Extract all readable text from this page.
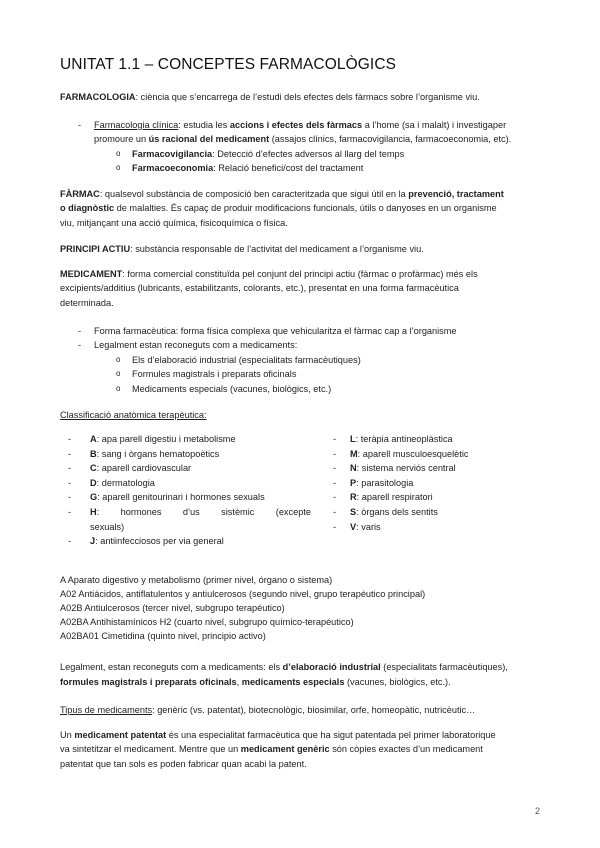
UNITAT 1.1 – CONCEPTES FARMACOLÒGICS

FARMACOLOGIA: ciència que s’encarrega de l’estudi dels efectes dels fàrmacs sobre l’organisme viu.

- Farmacologia clínica: estudia les accions i efectes dels fàrmacs a l’home (sa i malalt) i investigaper

promoure un ús racional del medicament (assajos clínics, farmacovigilancia, farmacoeconomia, etc).

o Farmacovigilancia: Detecció d’efectes adversos al llarg del temps

o Farmacoeconomia: Relació benefici/cost del tractament

FÀRMAC: qualsevol substància de composició ben caracteritzada que sigui útil en la prevenció, tractament

o diagnòstic de malalties. És capaç de produir modificacions funcionals, útils o danyoses en un organisme

viu, mitjançant una acció química, fisicoquímica o física.

PRINCIPI ACTIU: substància responsable de l’activitat del medicament a l’organisme viu.

MEDICAMENT: forma comercial constituïda pel conjunt del principi actiu (fàrmac o profàrmac) més els

excipients/additius (lubricants, estabilitzants, colorants, etc.), presentat en una forma farmacèutica

determinada.

- Forma farmacèutica: forma física complexa que vehicularitza el fàrmac cap a l’organisme

- Legalment estan reconeguts com a medicaments:

o Els d’elaboració industrial (especialitats farmacèutiques)

o Formules magistrals i preparats oficinals

o Medicaments especials (vacunes, biològics, etc.)

Classificació anatòmica terapèutica:

- A: apa parell digestiu i metabolisme

- B: sang i òrgans hematopoètics

- C: aparell cardiovascular

- D: dermatologia

- G: aparell genitourinari i hormones sexuals

- H: hormones d’us sistèmic (excepte

sexuals)

- J: antiinfecciosos per via general

- L: teràpia antineoplàstica

- M: aparell musculoesquelètic

- N: sistema nerviós central

- P: parasitologia

- R: aparell respiratori

- S: òrgans dels sentits

- V: varis

A Aparato digestivo y metabolismo (primer nivel, órgano o sistema)

A02 Antiácidos, antiflatulentos y antiulcerosos (segundo nivel, grupo terapéutico principal)

A02B Antiulcerosos (tercer nivel, subgrupo terapéutico)

A02BA Antihistamínicos H2 (cuarto nivel, subgrupo químico-terapéutico)

A02BA01 Cimetidina (quinto nivel, principio activo)

Legalment, estan reconeguts com a medicaments: els d’elaboració industrial (especialitats farmacèutiques),

formules magistrals i preparats oficinals, medicaments especials (vacunes, biològics, etc.).

Tipus de medicaments: genèric (vs. patentat), biotecnològic, biosimilar, orfe, homeopàtic, nutricèutic…

Un medicament patentat és una especialitat farmacèutica que ha sigut patentada pel primer laboratorique

va sintetitzar el medicament. Mentre que un medicament genèric són còpies exactes d’un medicament

patentat que tan sols es poden fabricar quan acabi la patent.

2
